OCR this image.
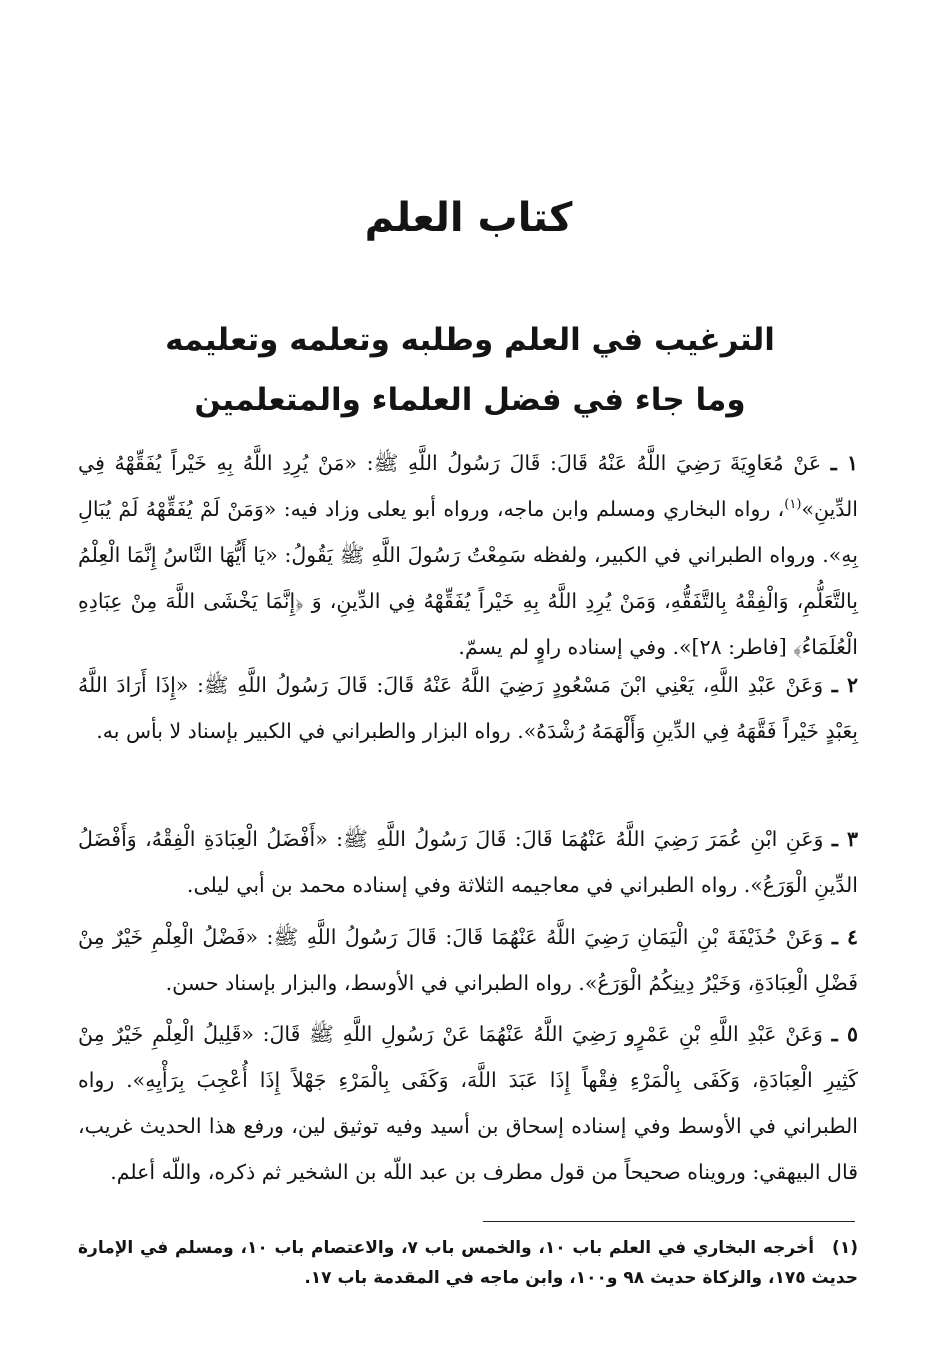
كتاب العلم
الترغيب في العلم وطلبه وتعلمه وتعليمه
وما جاء في فضل العلماء والمتعلمين

١ ـ عَنْ مُعَاوِيَةَ رَضِيَ اللَّهُ عَنْهُ قَالَ: قَالَ رَسُولُ اللَّهِ ﷺ: «مَنْ يُرِدِ اللَّهُ بِهِ خَيْراً يُفَقِّهْهُ فِي الدِّينِ»$^{(١)}$، رواه البخاري ومسلم وابن ماجه، ورواه أبو يعلى وزاد فيه: «وَمَنْ لَمْ يُفَقِّهْهُ لَمْ يُبَالِ بِهِ». ورواه الطبراني في الكبير، ولفظه سَمِعْتُ رَسُولَ اللَّهِ ﷺ يَقُولُ: «يَا أَيُّهَا النَّاسُ إِنَّمَا الْعِلْمُ بِالتَّعَلُّمِ، وَالْفِقْهُ بِالتَّفَقُّهِ، وَمَنْ يُرِدِ اللَّهُ بِهِ خَيْراً يُفَقِّهْهُ فِي الدِّينِ، وَ ﴿إِنَّمَا يَخْشَى اللَّهَ مِنْ عِبَادِهِ الْعُلَمَاءُ﴾ [فاطر: ٢٨]». وفي إسناده راوٍ لم يسمّ.

٢ ـ وَعَنْ عَبْدِ اللَّهِ، يَعْنِي ابْنَ مَسْعُودٍ رَضِيَ اللَّهُ عَنْهُ قَالَ: قَالَ رَسُولُ اللَّهِ ﷺ: «إِذَا أَرَادَ اللَّهُ بِعَبْدٍ خَيْراً فَقَّهَهُ فِي الدِّينِ وَأَلْهَمَهُ رُشْدَهُ». رواه البزار والطبراني في الكبير بإسناد لا بأس به.

٣ ـ وَعَنِ ابْنِ عُمَرَ رَضِيَ اللَّهُ عَنْهُمَا قَالَ: قَالَ رَسُولُ اللَّهِ ﷺ: «أَفْضَلُ الْعِبَادَةِ الْفِقْهُ، وَأَفْضَلُ الدِّينِ الْوَرَعُ». رواه الطبراني في معاجيمه الثلاثة وفي إسناده محمد بن أبي ليلى.

٤ ـ وَعَنْ حُذَيْفَةَ بْنِ الْيَمَانِ رَضِيَ اللَّهُ عَنْهُمَا قَالَ: قَالَ رَسُولُ اللَّهِ ﷺ: «فَضْلُ الْعِلْمِ خَيْرٌ مِنْ فَضْلِ الْعِبَادَةِ، وَخَيْرُ دِينِكُمُ الْوَرَعُ». رواه الطبراني في الأوسط، والبزار بإسناد حسن.

٥ ـ وَعَنْ عَبْدِ اللَّهِ بْنِ عَمْرٍو رَضِيَ اللَّهُ عَنْهُمَا عَنْ رَسُولِ اللَّهِ ﷺ قَالَ: «قَلِيلُ الْعِلْمِ خَيْرٌ مِنْ كَثِيرِ الْعِبَادَةِ، وَكَفَى بِالْمَرْءِ فِقْهاً إِذَا عَبَدَ اللَّهَ، وَكَفَى بِالْمَرْءِ جَهْلاً إِذَا أُعْجِبَ بِرَأْيِهِ». رواه الطبراني في الأوسط وفي إسناده إسحاق بن أسيد وفيه توثيق لين، ورفع هذا الحديث غريب، قال البيهقي: ورويناه صحيحاً من قول مطرف بن عبد اللّه بن الشخير ثم ذكره، واللّه أعلم.

(١)أخرجه البخاري في العلم باب ١٠، والخمس باب ٧، والاعتصام باب ١٠، ومسلم في الإمارة حديث ١٧٥، والزكاة حديث ٩٨ و١٠٠، وابن ماجه في المقدمة باب ١٧.
